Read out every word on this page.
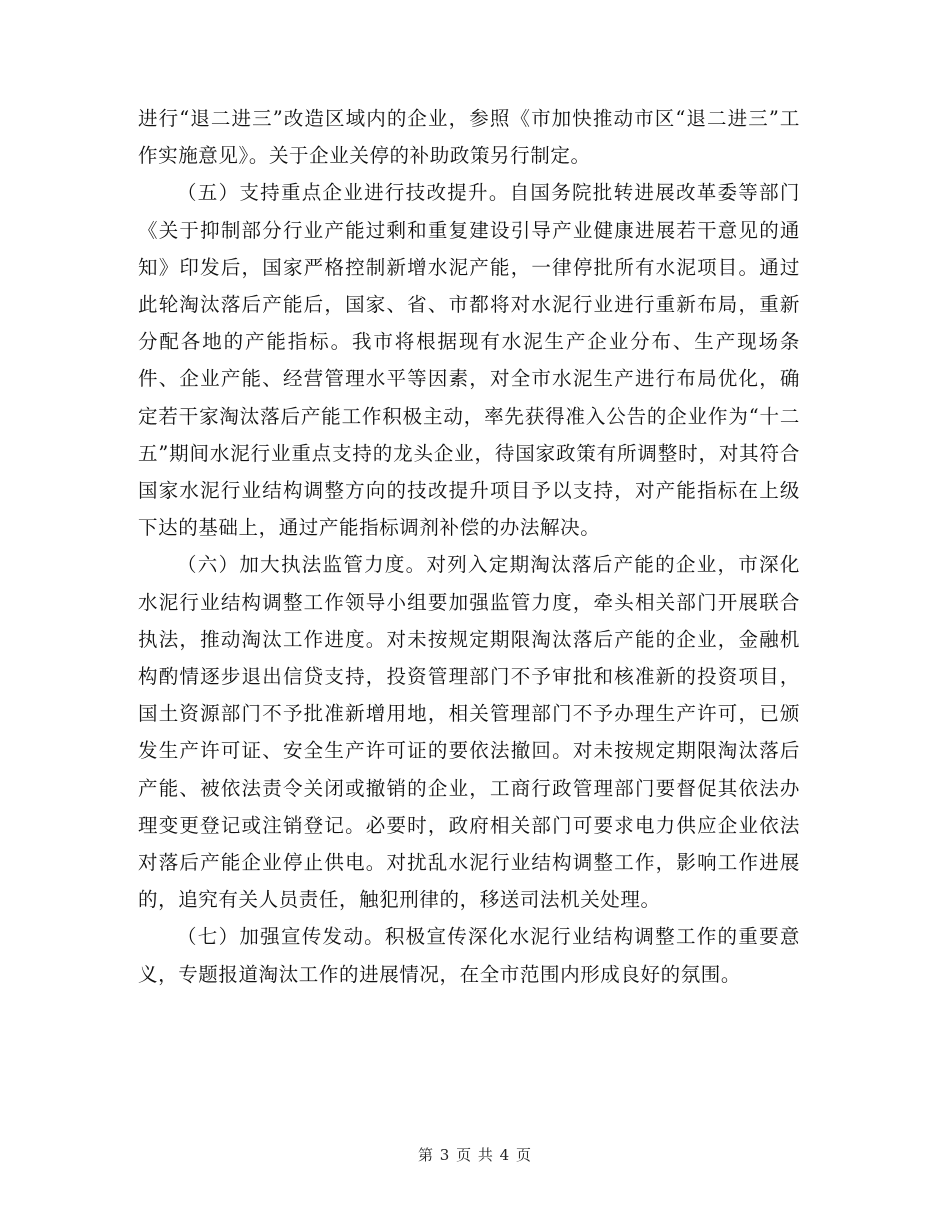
进行“退二进三”改造区域内的企业，参照《市加快推动市区“退二进三”工作实施意见》。关于企业关停的补助政策另行制定。

（五）支持重点企业进行技改提升。自国务院批转进展改革委等部门《关于抑制部分行业产能过剩和重复建设引导产业健康进展若干意见的通知》印发后，国家严格控制新增水泥产能，一律停批所有水泥项目。通过此轮淘汰落后产能后，国家、省、市都将对水泥行业进行重新布局，重新分配各地的产能指标。我市将根据现有水泥生产企业分布、生产现场条件、企业产能、经营管理水平等因素，对全市水泥生产进行布局优化，确定若干家淘汰落后产能工作积极主动，率先获得准入公告的企业作为“十二五”期间水泥行业重点支持的龙头企业，待国家政策有所调整时，对其符合国家水泥行业结构调整方向的技改提升项目予以支持，对产能指标在上级下达的基础上，通过产能指标调剂补偿的办法解决。

（六）加大执法监管力度。对列入定期淘汰落后产能的企业，市深化水泥行业结构调整工作领导小组要加强监管力度，牵头相关部门开展联合执法，推动淘汰工作进度。对未按规定期限淘汰落后产能的企业，金融机构酌情逐步退出信贷支持，投资管理部门不予审批和核准新的投资项目，国土资源部门不予批准新增用地，相关管理部门不予办理生产许可，已颁发生产许可证、安全生产许可证的要依法撤回。对未按规定期限淘汰落后产能、被依法责令关闭或撤销的企业，工商行政管理部门要督促其依法办理变更登记或注销登记。必要时，政府相关部门可要求电力供应企业依法对落后产能企业停止供电。对扰乱水泥行业结构调整工作，影响工作进展的，追究有关人员责任，触犯刑律的，移送司法机关处理。

（七）加强宣传发动。积极宣传深化水泥行业结构调整工作的重要意义，专题报道淘汰工作的进展情况，在全市范围内形成良好的氛围。

第 3 页 共 4 页
